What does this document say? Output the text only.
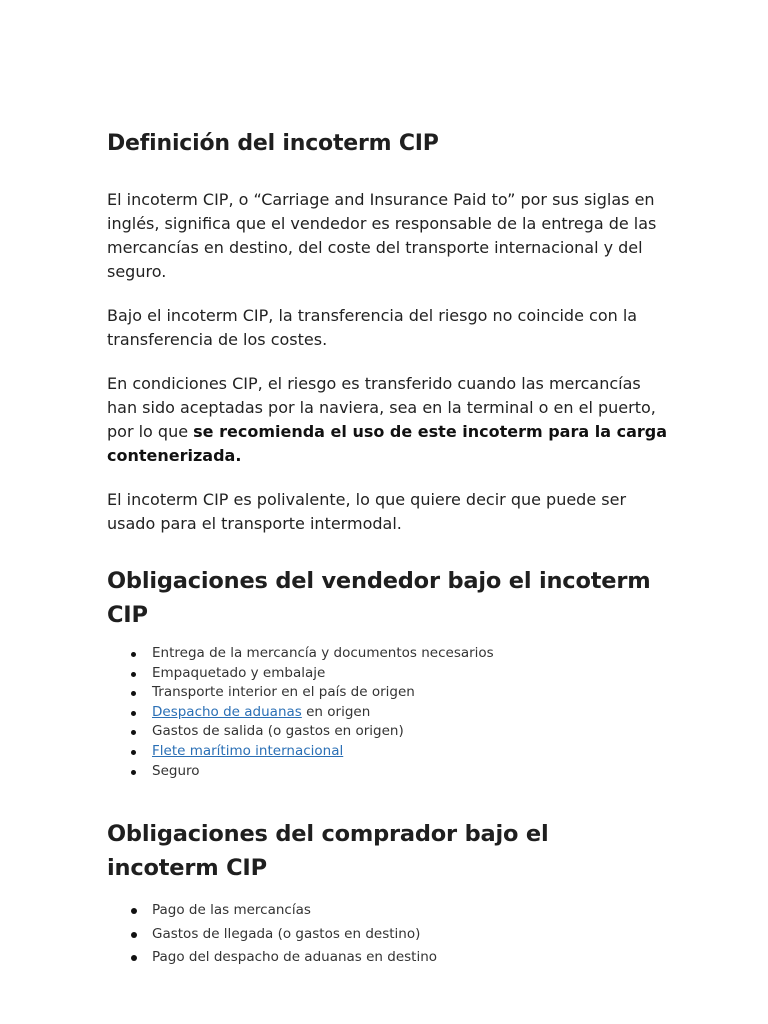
Definición del incoterm CIP

El incoterm CIP, o “Carriage and Insurance Paid to” por sus siglas en inglés, significa que el vendedor es responsable de la entrega de las mercancías en destino, del coste del transporte internacional y del seguro.

Bajo el incoterm CIP, la transferencia del riesgo no coincide con la transferencia de los costes.

En condiciones CIP, el riesgo es transferido cuando las mercancías han sido aceptadas por la naviera, sea en la terminal o en el puerto, por lo que se recomienda el uso de este incoterm para la carga contenerizada.

El incoterm CIP es polivalente, lo que quiere decir que puede ser usado para el transporte intermodal.

Obligaciones del vendedor bajo el incoterm CIP
Entrega de la mercancía y documentos necesarios
Empaquetado y embalaje
Transporte interior en el país de origen
Despacho de aduanas en origen
Gastos de salida (o gastos en origen)
Flete marítimo internacional
Seguro
Obligaciones del comprador bajo el incoterm CIP
Pago de las mercancías
Gastos de llegada (o gastos en destino)
Pago del despacho de aduanas en destino
